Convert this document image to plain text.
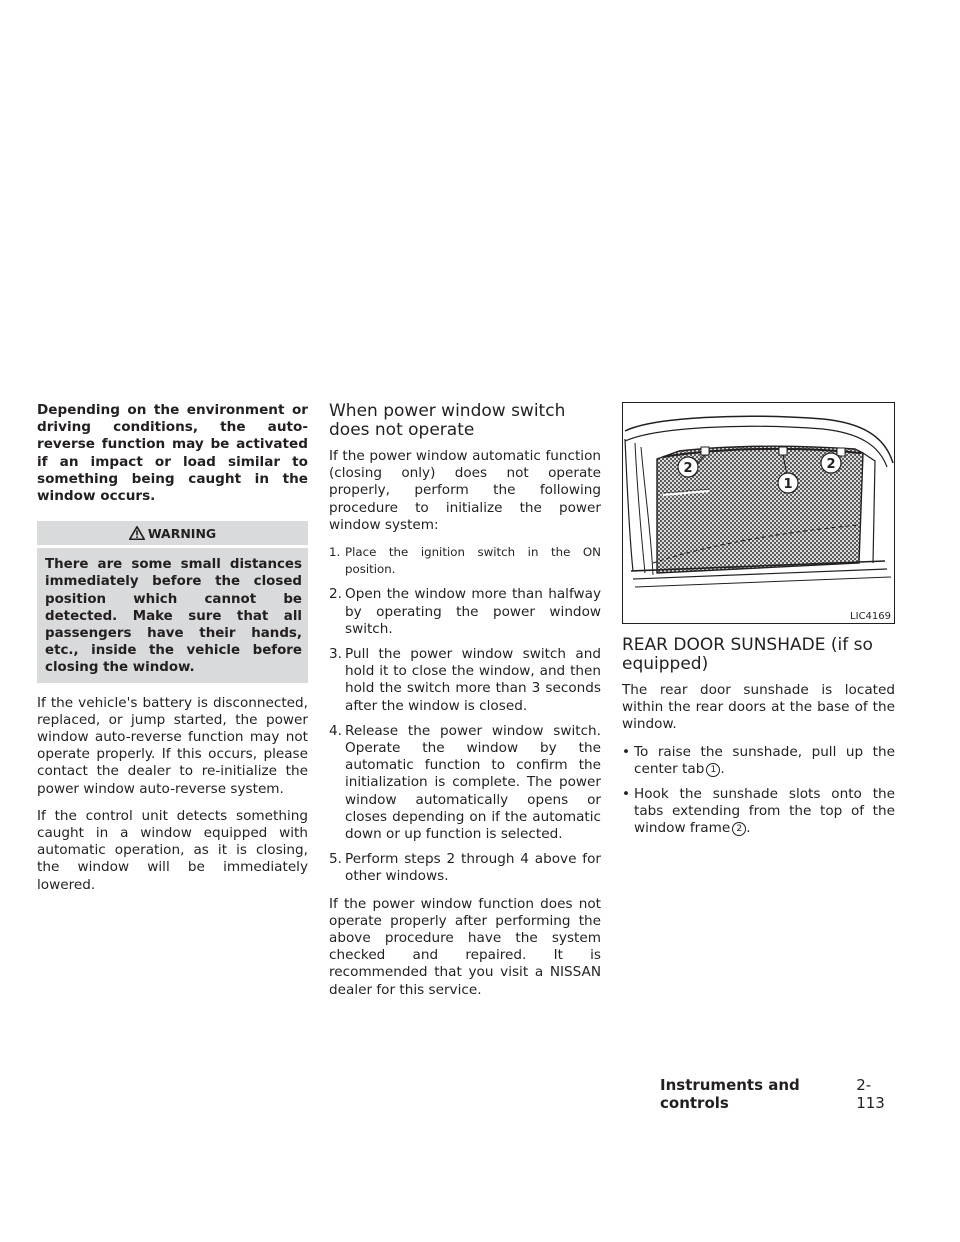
Depending on the environment or driving conditions, the auto-reverse function may be activated if an impact or load similar to something being caught in the window occurs.

WARNING
There are some small distances immediately before the closed position which cannot be detected. Make sure that all passengers have their hands, etc., inside the vehicle before closing the window.

If the vehicle's battery is disconnected, replaced, or jump started, the power window auto-reverse function may not operate properly. If this occurs, please contact the dealer to re-initialize the power window auto-reverse system.

If the control unit detects something caught in a window equipped with automatic operation, as it is closing, the window will be immediately lowered.

When power window switch does not operate

If the power window automatic function (closing only) does not operate properly, perform the following procedure to initialize the power window system:

1. Place the ignition switch in the ON position.
2. Open the window more than halfway by operating the power window switch.
3. Pull the power window switch and hold it to close the window, and then hold the switch more than 3 seconds after the window is closed.
4. Release the power window switch. Operate the window by the automatic function to confirm the initialization is complete. The power window automatically opens or closes depending on if the automatic down or up function is selected.
5. Perform steps 2 through 4 above for other windows.

If the power window function does not operate properly after performing the above procedure have the system checked and repaired. It is recommended that you visit a NISSAN dealer for this service.

2
1
2
LIC4169
REAR DOOR SUNSHADE (if so equipped)

The rear door sunshade is located within the rear doors at the base of the window.

• To raise the sunshade, pull up the center tab 1 .
• Hook the sunshade slots onto the tabs extending from the top of the window frame 2 .
Instruments and controls
2-113
